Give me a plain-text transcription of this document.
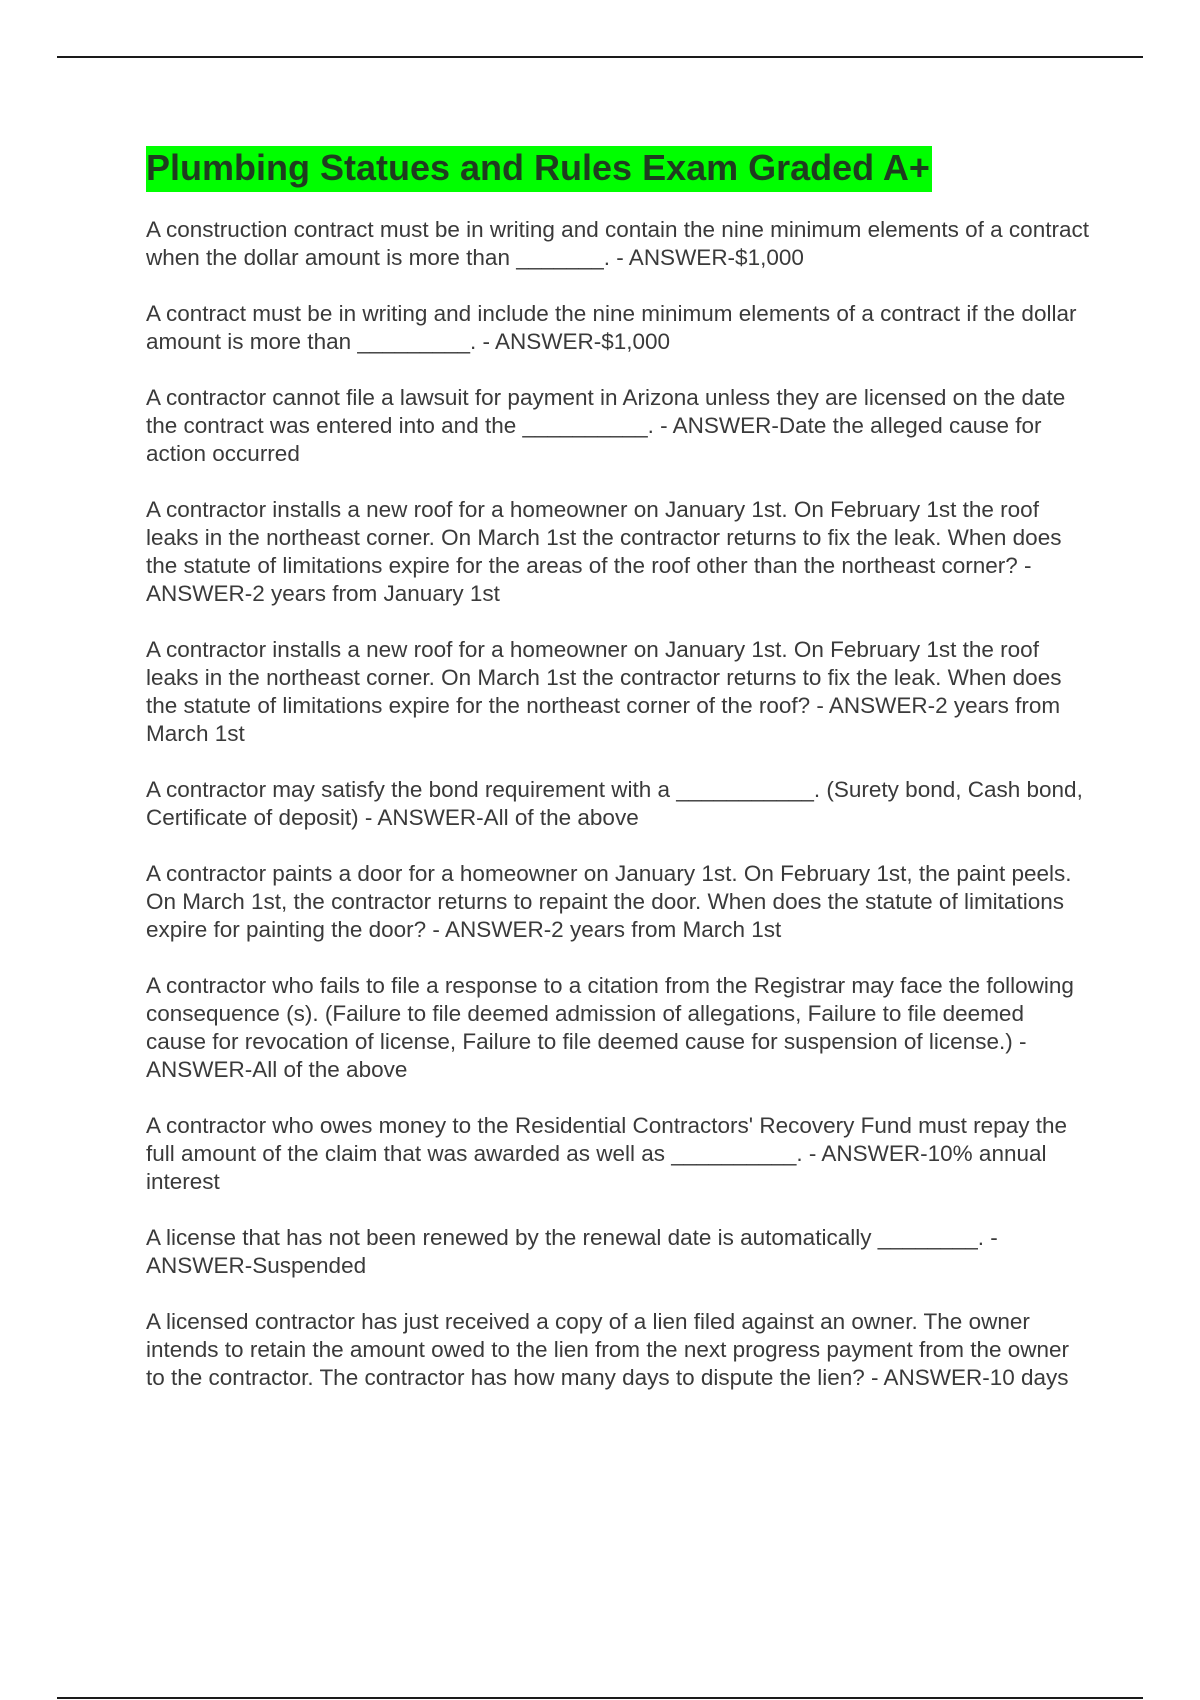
Plumbing Statues and Rules Exam Graded A+

A construction contract must be in writing and contain the nine minimum elements of a contract when the dollar amount is more than _______. - ANSWER-$1,000

A contract must be in writing and include the nine minimum elements of a contract if the dollar amount is more than _________. - ANSWER-$1,000

A contractor cannot file a lawsuit for payment in Arizona unless they are licensed on the date the contract was entered into and the __________. - ANSWER-Date the alleged cause for action occurred

A contractor installs a new roof for a homeowner on January 1st. On February 1st the roof leaks in the northeast corner. On March 1st the contractor returns to fix the leak. When does the statute of limitations expire for the areas of the roof other than the northeast corner? - ANSWER-2 years from January 1st

A contractor installs a new roof for a homeowner on January 1st. On February 1st the roof leaks in the northeast corner. On March 1st the contractor returns to fix the leak. When does the statute of limitations expire for the northeast corner of the roof? - ANSWER-2 years from March 1st

A contractor may satisfy the bond requirement with a ___________. (Surety bond, Cash bond, Certificate of deposit) - ANSWER-All of the above

A contractor paints a door for a homeowner on January 1st. On February 1st, the paint peels. On March 1st, the contractor returns to repaint the door. When does the statute of limitations expire for painting the door? - ANSWER-2 years from March 1st

A contractor who fails to file a response to a citation from the Registrar may face the following consequence (s). (Failure to file deemed admission of allegations, Failure to file deemed cause for revocation of license, Failure to file deemed cause for suspension of license.) - ANSWER-All of the above

A contractor who owes money to the Residential Contractors' Recovery Fund must repay the full amount of the claim that was awarded as well as __________. - ANSWER-10% annual interest

A license that has not been renewed by the renewal date is automatically ________. - ANSWER-Suspended

A licensed contractor has just received a copy of a lien filed against an owner. The owner intends to retain the amount owed to the lien from the next progress payment from the owner to the contractor. The contractor has how many days to dispute the lien? - ANSWER-10 days
